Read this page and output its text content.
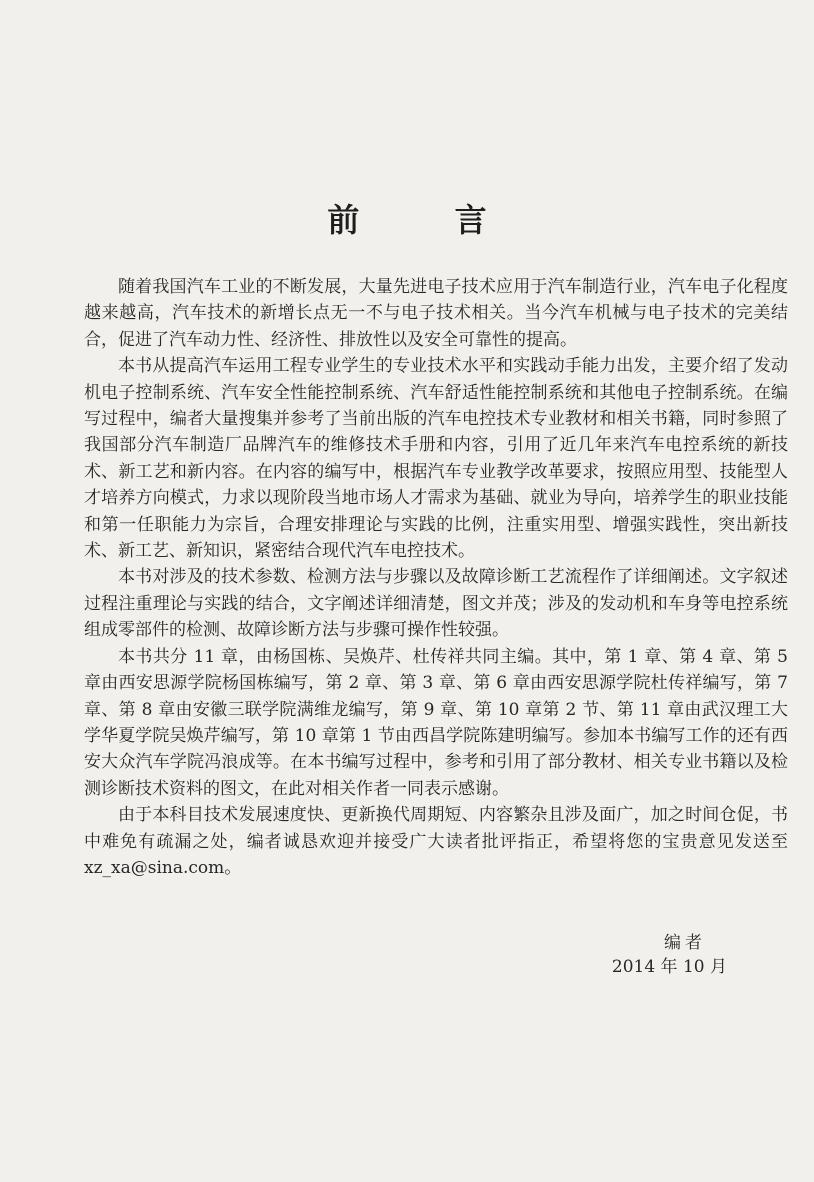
前 言

随着我国汽车工业的不断发展，大量先进电子技术应用于汽车制造行业，汽车电子化程度越来越高，汽车技术的新增长点无一不与电子技术相关。当今汽车机械与电子技术的完美结合，促进了汽车动力性、经济性、排放性以及安全可靠性的提高。

本书从提高汽车运用工程专业学生的专业技术水平和实践动手能力出发，主要介绍了发动机电子控制系统、汽车安全性能控制系统、汽车舒适性能控制系统和其他电子控制系统。在编写过程中，编者大量搜集并参考了当前出版的汽车电控技术专业教材和相关书籍，同时参照了我国部分汽车制造厂品牌汽车的维修技术手册和内容，引用了近几年来汽车电控系统的新技术、新工艺和新内容。在内容的编写中，根据汽车专业教学改革要求，按照应用型、技能型人才培养方向模式，力求以现阶段当地市场人才需求为基础、就业为导向，培养学生的职业技能和第一任职能力为宗旨，合理安排理论与实践的比例，注重实用型、增强实践性，突出新技术、新工艺、新知识，紧密结合现代汽车电控技术。

本书对涉及的技术参数、检测方法与步骤以及故障诊断工艺流程作了详细阐述。文字叙述过程注重理论与实践的结合，文字阐述详细清楚，图文并茂；涉及的发动机和车身等电控系统组成零部件的检测、故障诊断方法与步骤可操作性较强。

本书共分 11 章，由杨国栋、吴焕芹、杜传祥共同主编。其中，第 1 章、第 4 章、第 5 章由西安思源学院杨国栋编写，第 2 章、第 3 章、第 6 章由西安思源学院杜传祥编写，第 7 章、第 8 章由安徽三联学院满维龙编写，第 9 章、第 10 章第 2 节、第 11 章由武汉理工大学华夏学院吴焕芹编写，第 10 章第 1 节由西昌学院陈建明编写。参加本书编写工作的还有西安大众汽车学院冯浪成等。在本书编写过程中，参考和引用了部分教材、相关专业书籍以及检测诊断技术资料的图文，在此对相关作者一同表示感谢。

由于本科目技术发展速度快、更新换代周期短、内容繁杂且涉及面广，加之时间仓促，书中难免有疏漏之处，编者诚恳欢迎并接受广大读者批评指正，希望将您的宝贵意见发送至 xz_xa@sina.com。

编者
2014 年 10 月
